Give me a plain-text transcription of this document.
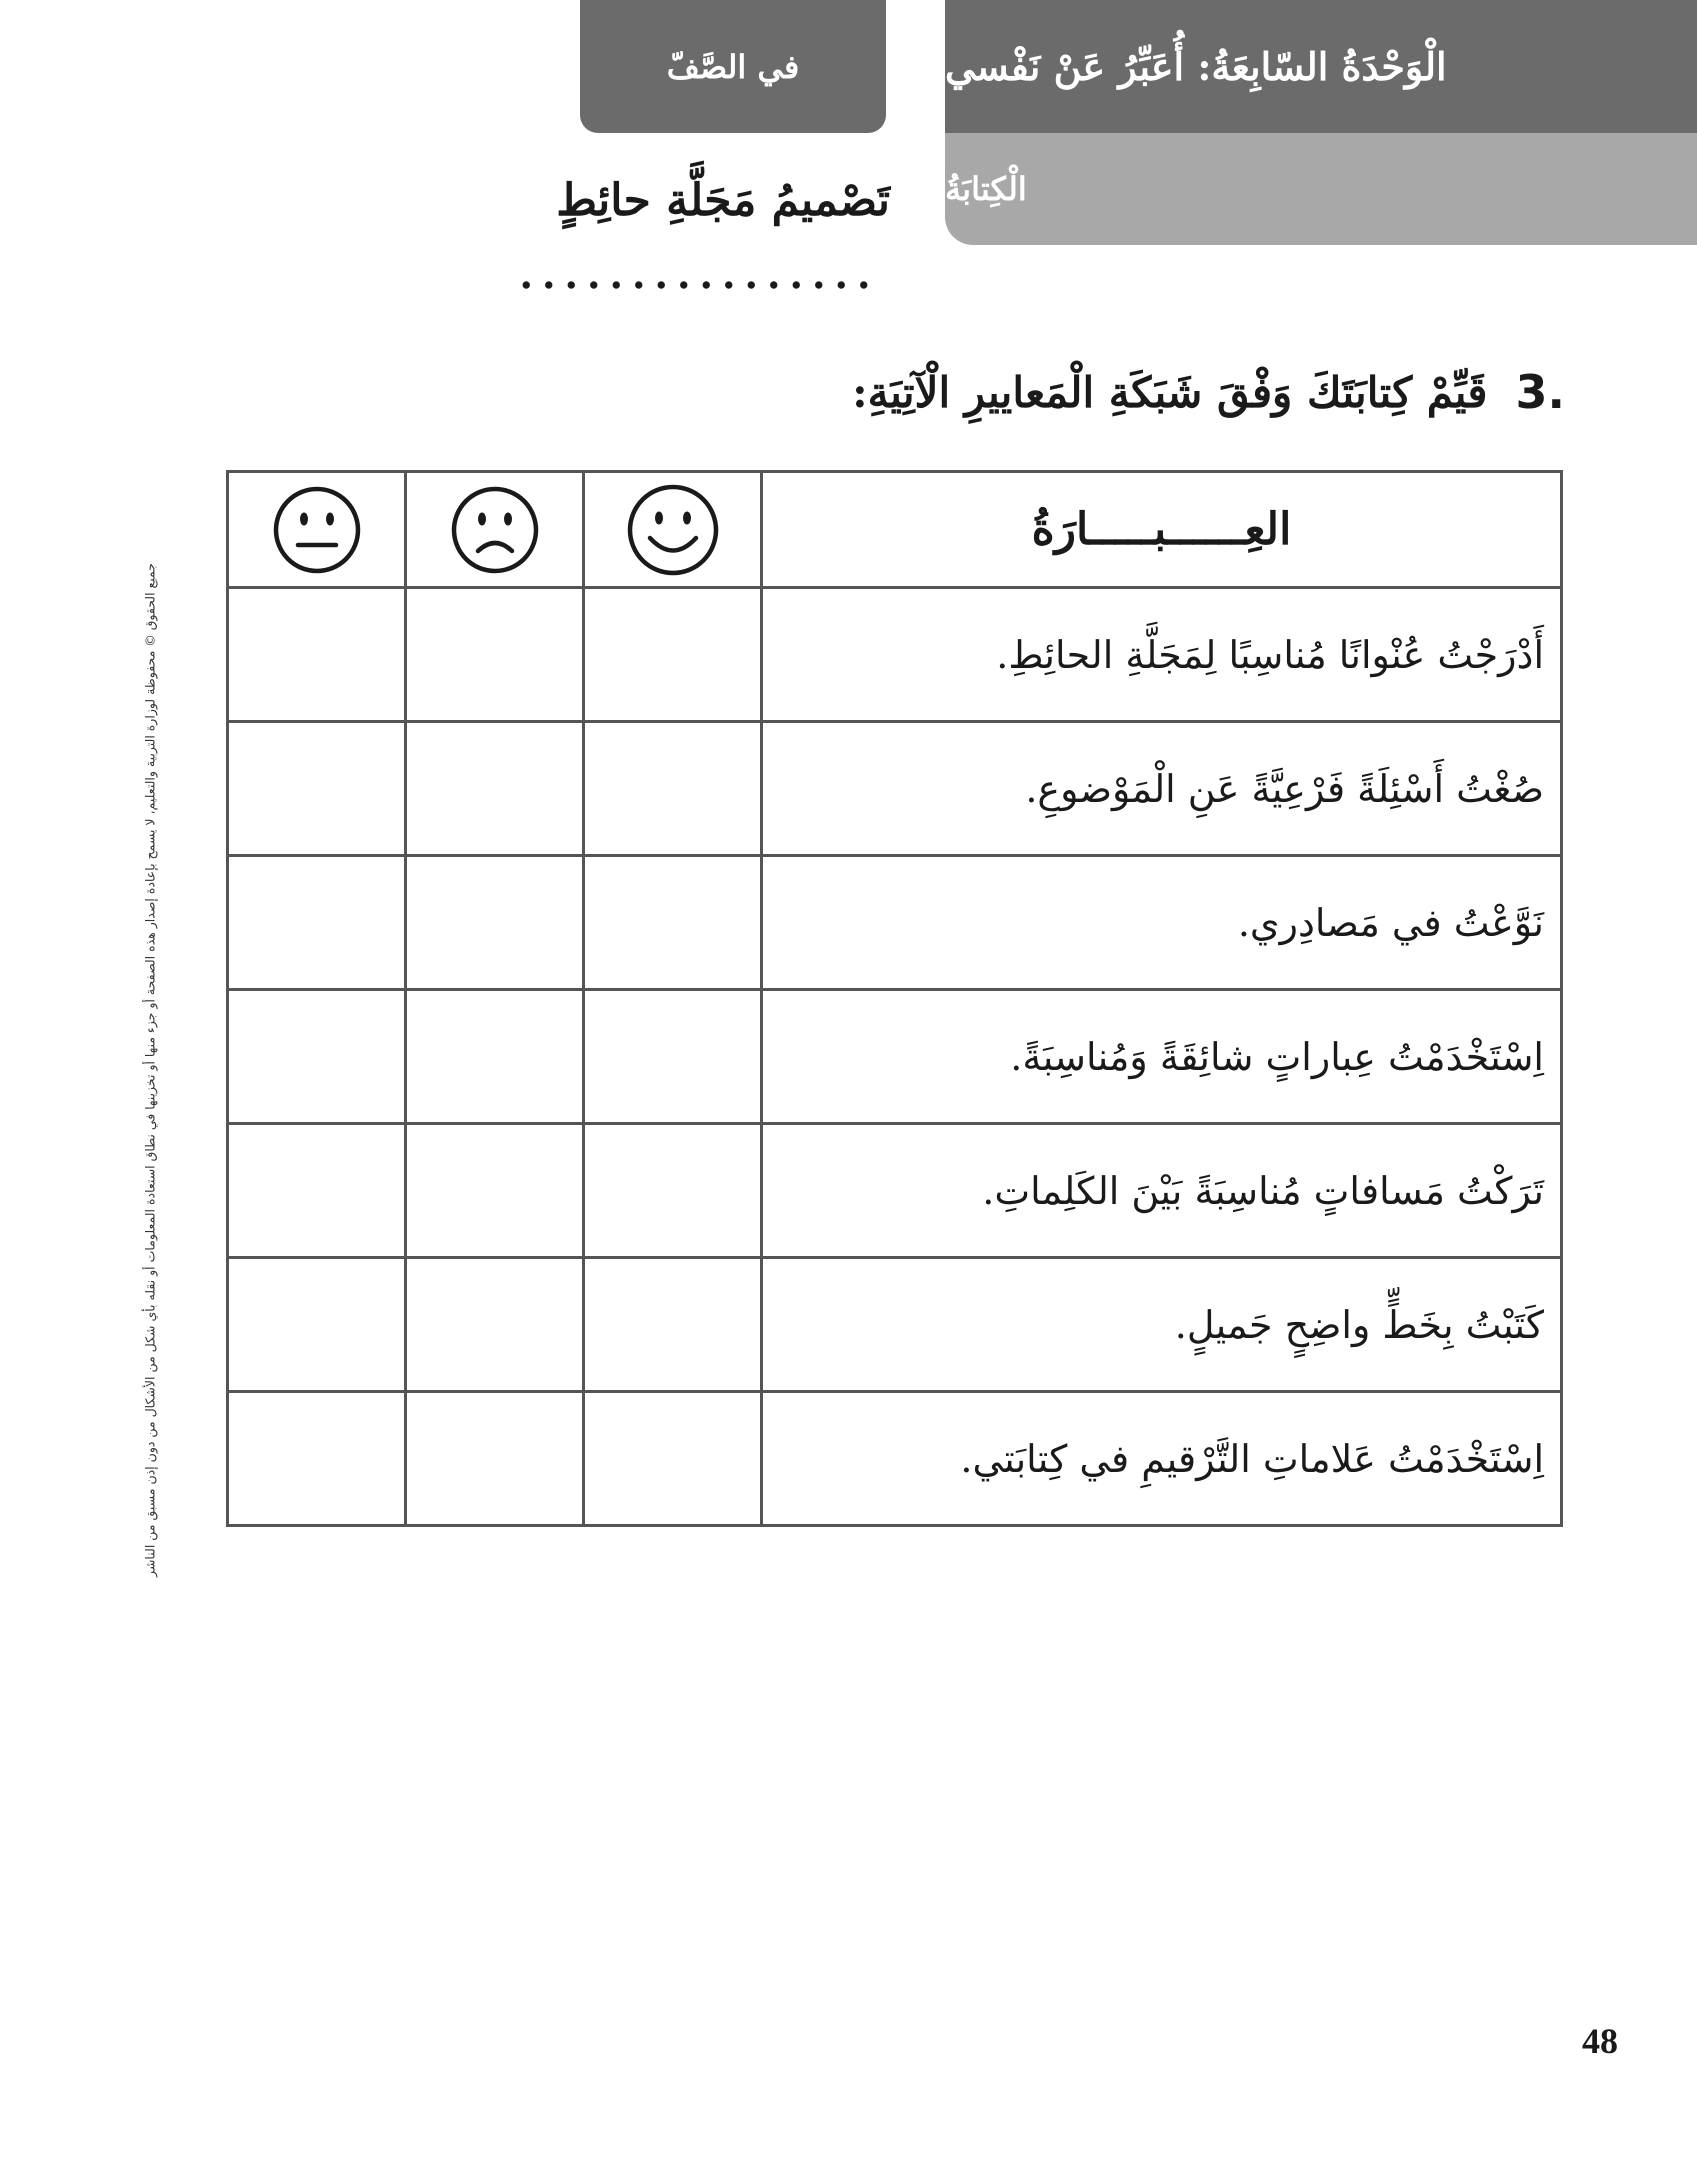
في الصَّفّ	الْوَحْدَةُ السّابِعَةُ: أُعَبِّرُ عَنْ نَفْسي
الْكِتابَةُ
تَصْميمُ مَجَلَّةِ حائِطٍ
3.
قَيِّمْ كِتابَتَكَ وَفْقَ شَبَكَةِ الْمَعاييرِ الْآتِيَةِ:
العِــــــبـــــارَةُ			
أَدْرَجْتُ عُنْوانًا مُناسِبًا لِمَجَلَّةِ الحائِطِ.			
صُغْتُ أَسْئِلَةً فَرْعِيَّةً عَنِ الْمَوْضوعِ.			
نَوَّعْتُ في مَصادِري.			
اِسْتَخْدَمْتُ عِباراتٍ شائِقَةً وَمُناسِبَةً.			
تَرَكْتُ مَسافاتٍ مُناسِبَةً بَيْنَ الكَلِماتِ.			
كَتَبْتُ بِخَطٍّ واضِحٍ جَميلٍ.			
اِسْتَخْدَمْتُ عَلاماتِ التَّرْقيمِ في كِتابَتي.			
جميع الحقوق © محفوظة لوزارة التربية والتعليم، لا يسمح بإعادة إصدار هذه الصفحة أو جزء منها أو تخزينها في نطاق استعادة المعلومات أو نقله بأي شكل من الأشكال من دون إذن مسبق من الناشر
48
